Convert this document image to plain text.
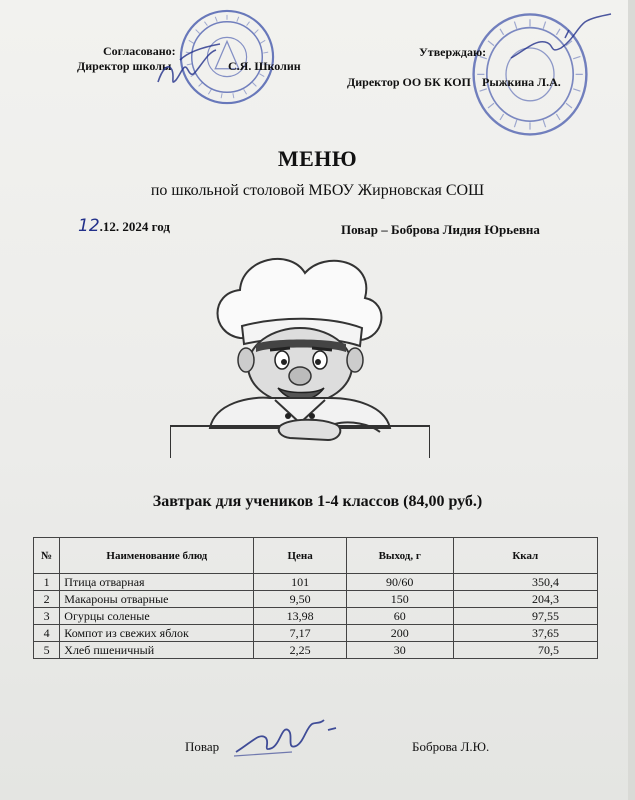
Согласовано:
Директор школы	С.Я. Школин
Утверждаю:
Директор ОО БК КОП Рыжкина Л.А.
МЕНЮ
по школьной столовой МБОУ Жирновская СОШ
12.12. 2024 год	Повар – Боброва Лидия Юрьевна
Завтрак для учеников 1-4 классов (84,00 руб.)
№	Наименование блюд	Цена	Выход, г	Ккал
1	Птица отварная	101	90/60	350,4
2	Макароны отварные	9,50	150	204,3
3	Огурцы соленые	13,98	60	97,55
4	Компот из свежих яблок	7,17	200	37,65
5	Хлеб пшеничный	2,25	30	70,5
Повар	Боброва Л.Ю.
